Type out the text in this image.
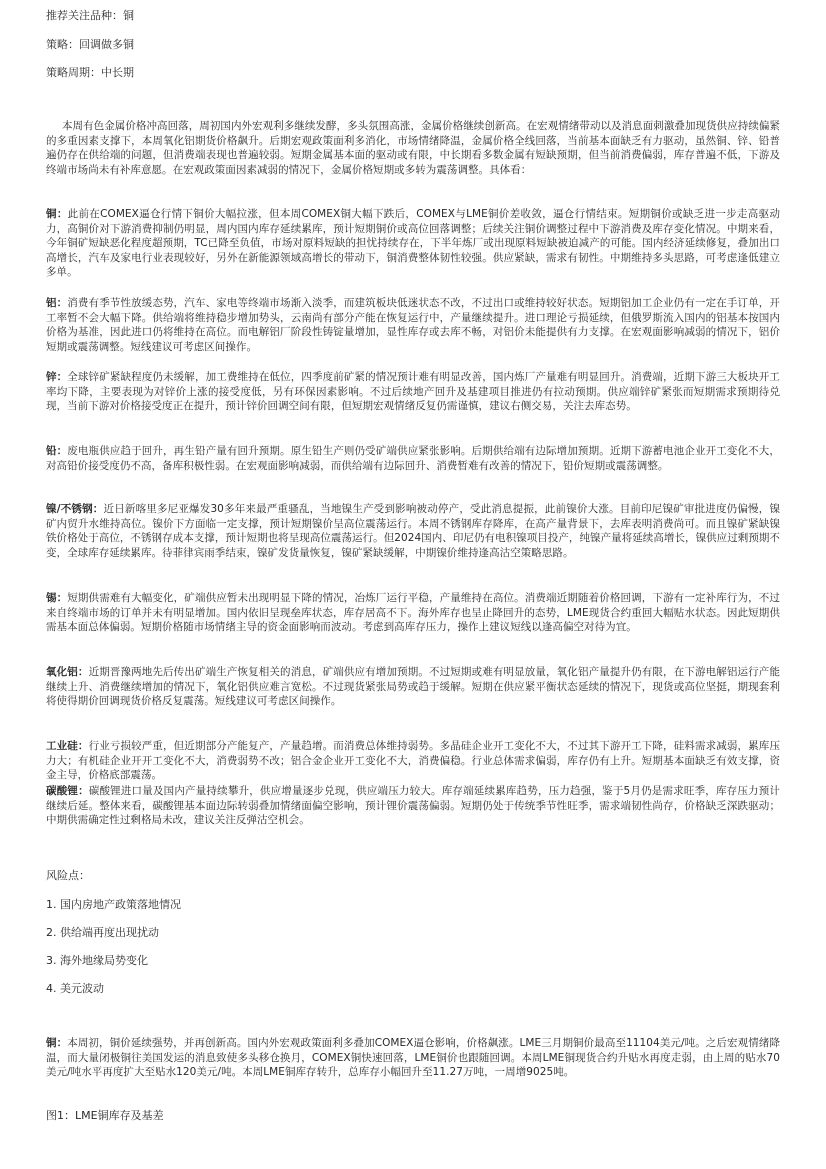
推荐关注品种：铜

策略：回调做多铜

策略周期：中长期

本周有色金属价格冲高回落，周初国内外宏观利多继续发酵，多头氛围高涨，金属价格继续创新高。在宏观情绪带动以及消息面刺激叠加现货供应持续偏紧的多重因素支撑下，本周氧化铝期货价格飙升。后期宏观政策面利多消化，市场情绪降温，金属价格全线回落，当前基本面缺乏有力驱动，虽然铜、锌、铅普遍仍存在供给端的问题，但消费端表现也普遍较弱。短期金属基本面的驱动或有限，中长期看多数金属有短缺预期，但当前消费偏弱，库存普遍不低，下游及终端市场尚未有补库意愿。在宏观政策面因素减弱的情况下，金属价格短期或多转为震荡调整。具体看：

铜：此前在COMEX逼仓行情下铜价大幅拉涨，但本周COMEX铜大幅下跌后，COMEX与LME铜价差收敛，逼仓行情结束。短期铜价或缺乏进一步走高驱动力，高铜价对下游消费抑制仍明显，周内国内库存延续累库，预计短期铜价或高位回落调整；后续关注铜价调整过程中下游消费及库存变化情况。中期来看，今年铜矿短缺恶化程度超预期，TC已降至负值，市场对原料短缺的担忧持续存在，下半年炼厂或出现原料短缺被迫减产的可能。国内经济延续修复，叠加出口高增长，汽车及家电行业表现较好，另外在新能源领域高增长的带动下，铜消费整体韧性较强。供应紧缺，需求有韧性。中期维持多头思路，可考虑逢低建立多单。

铝：消费有季节性放缓态势，汽车、家电等终端市场渐入淡季，而建筑板块低迷状态不改，不过出口或维持较好状态。短期铝加工企业仍有一定在手订单，开工率暂不会大幅下降。供给端将维持稳步增加势头，云南尚有部分产能在恢复运行中，产量继续提升。进口理论亏损延续，但俄罗斯流入国内的铝基本按国内价格为基准，因此进口仍将维持在高位。而电解铝厂阶段性铸锭量增加，显性库存或去库不畅，对铝价未能提供有力支撑。在宏观面影响减弱的情况下，铝价短期或震荡调整。短线建议可考虑区间操作。

锌：全球锌矿紧缺程度仍未缓解，加工费维持在低位，四季度前矿紧的情况预计难有明显改善，国内炼厂产量难有明显回升。消费端，近期下游三大板块开工率均下降，主要表现为对锌价上涨的接受度低，另有环保因素影响。不过后续地产回升及基建项目推进仍有拉动预期。供应端锌矿紧张而短期需求预期待兑现，当前下游对价格接受度正在提升，预计锌价回调空间有限，但短期宏观情绪反复仍需谨慎，建议右侧交易，关注去库态势。

铅：废电瓶供应趋于回升，再生铅产量有回升预期。原生铅生产则仍受矿端供应紧张影响。后期供给端有边际增加预期。近期下游蓄电池企业开工变化不大，对高铅价接受度仍不高，备库积极性弱。在宏观面影响减弱，而供给端有边际回升、消费暂难有改善的情况下，铅价短期或震荡调整。

镍/不锈钢：近日新喀里多尼亚爆发30多年来最严重骚乱，当地镍生产受到影响被动停产，受此消息提振，此前镍价大涨。目前印尼镍矿审批进度仍偏慢，镍矿内贸升水维持高位。镍价下方面临一定支撑，预计短期镍价呈高位震荡运行。本周不锈钢库存降库，在高产量背景下，去库表明消费尚可。而且镍矿紧缺镍铁价格处于高位，不锈钢存成本支撑，预计短期也将呈现高位震荡运行。但2024国内、印尼仍有电积镍项目投产，纯镍产量将延续高增长，镍供应过剩预期不变，全球库存延续累库。待菲律宾雨季结束，镍矿发货量恢复，镍矿紧缺缓解，中期镍价维持逢高沽空策略思路。

锡：短期供需难有大幅变化，矿端供应暂未出现明显下降的情况，冶炼厂运行平稳，产量维持在高位。消费端近期随着价格回调，下游有一定补库行为，不过来自终端市场的订单并未有明显增加。国内依旧呈现垒库状态，库存居高不下。海外库存也呈止降回升的态势，LME现货合约重回大幅贴水状态。因此短期供需基本面总体偏弱。短期价格随市场情绪主导的资金面影响而波动。考虑到高库存压力，操作上建议短线以逢高偏空对待为宜。

氧化铝：近期晋豫两地先后传出矿端生产恢复相关的消息，矿端供应有增加预期。不过短期或难有明显放量，氧化铝产量提升仍有限，在下游电解铝运行产能继续上升、消费继续增加的情况下，氧化铝供应难言宽松。不过现货紧张局势或趋于缓解。短期在供应紧平衡状态延续的情况下，现货或高位坚挺，期现套利将使得期价回调现货价格反复震荡。短线建议可考虑区间操作。

工业硅：行业亏损较严重，但近期部分产能复产，产量趋增。而消费总体维持弱势。多晶硅企业开工变化不大，不过其下游开工下降，硅料需求减弱，累库压力大；有机硅企业开开工变化不大，消费弱势不改；铝合金企业开工变化不大，消费偏稳。行业总体需求偏弱，库存仍有上升。短期基本面缺乏有效支撑，资金主导，价格底部震荡。

碳酸锂：碳酸锂进口量及国内产量持续攀升，供应增量逐步兑现，供应端压力较大。库存端延续累库趋势，压力趋强，鉴于5月仍是需求旺季，库存压力预计继续后延。整体来看，碳酸锂基本面边际转弱叠加情绪面偏空影响，预计锂价震荡偏弱。短期仍处于传统季节性旺季，需求端韧性尚存，价格缺乏深跌驱动；中期供需确定性过剩格局未改，建议关注反弹沽空机会。

风险点：

1. 国内房地产政策落地情况

2. 供给端再度出现扰动

3. 海外地缘局势变化

4. 美元波动

铜：本周初，铜价延续强势，并再创新高。国内外宏观政策面利多叠加COMEX逼仓影响，价格飙涨。LME三月期铜价最高至11104美元/吨。之后宏观情绪降温，而大量闭极铜往美国发运的消息致使多头移仓换月，COMEX铜快速回落，LME铜价也跟随回调。本周LME铜现货合约升贴水再度走弱，由上周的贴水70美元/吨水平再度扩大至贴水120美元/吨。本周LME铜库存转升，总库存小幅回升至11.27万吨，一周增9025吨。

图1：LME铜库存及基差
